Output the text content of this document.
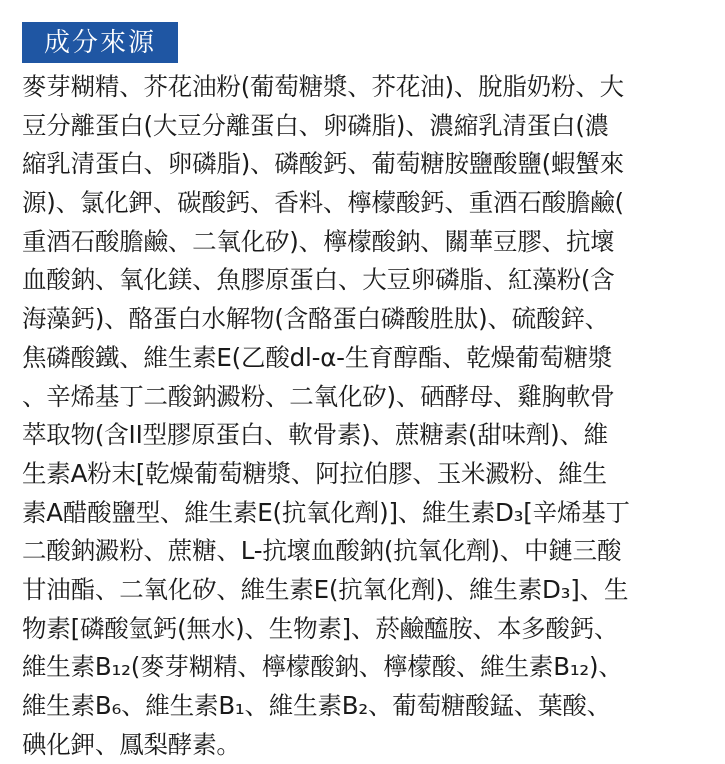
成分來源
麥芽糊精、芥花油粉(葡萄糖漿、芥花油)、脫脂奶粉、大
豆分離蛋白(大豆分離蛋白、卵磷脂)、濃縮乳清蛋白(濃
縮乳清蛋白、卵磷脂)、磷酸鈣、葡萄糖胺鹽酸鹽(蝦蟹來
源)、氯化鉀、碳酸鈣、香料、檸檬酸鈣、重酒石酸膽鹼(
重酒石酸膽鹼、二氧化矽)、檸檬酸鈉、關華豆膠、抗壞
血酸鈉、氧化鎂、魚膠原蛋白、大豆卵磷脂、紅藻粉(含
海藻鈣)、酪蛋白水解物(含酪蛋白磷酸胜肽)、硫酸鋅、
焦磷酸鐵、維生素E(乙酸dl-α-生育醇酯、乾燥葡萄糖漿
、辛烯基丁二酸鈉澱粉、二氧化矽)、硒酵母、雞胸軟骨
萃取物(含II型膠原蛋白、軟骨素)、蔗糖素(甜味劑)、維
生素A粉末[乾燥葡萄糖漿、阿拉伯膠、玉米澱粉、維生
素A醋酸鹽型、維生素E(抗氧化劑)]、維生素D₃[辛烯基丁
二酸鈉澱粉、蔗糖、L-抗壞血酸鈉(抗氧化劑)、中鏈三酸
甘油酯、二氧化矽、維生素E(抗氧化劑)、維生素D₃]、生
物素[磷酸氫鈣(無水)、生物素]、菸鹼醯胺、本多酸鈣、
維生素B₁₂(麥芽糊精、檸檬酸鈉、檸檬酸、維生素B₁₂)、
維生素B₆、維生素B₁、維生素B₂、葡萄糖酸錳、葉酸、
碘化鉀、鳳梨酵素。
